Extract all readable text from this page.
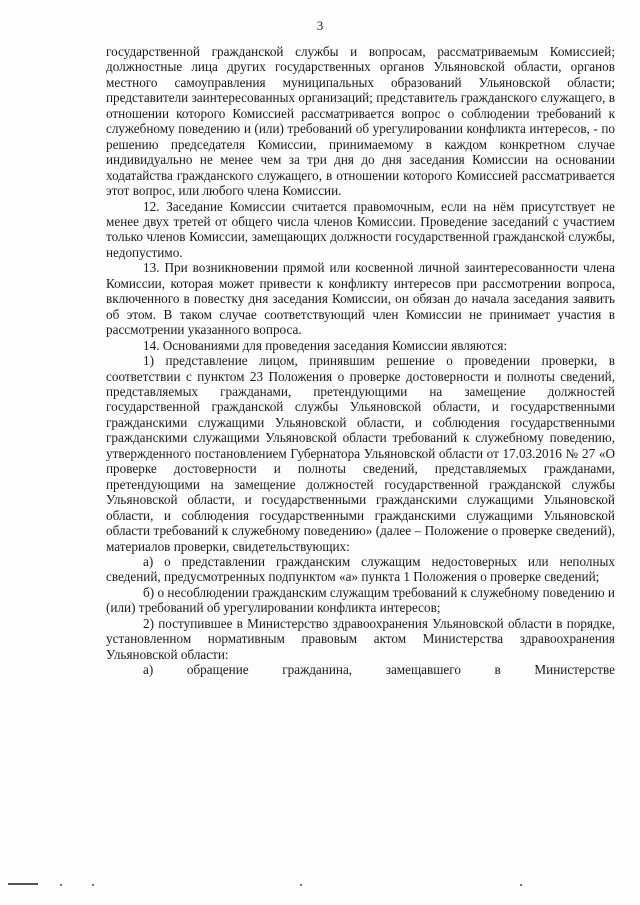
3

государственной гражданской службы и вопросам, рассматриваемым Комиссией; должностные лица других государственных органов Ульяновской области, органов местного самоуправления муниципальных образований Ульяновской области; представители заинтересованных организаций; представитель гражданского служащего, в отношении которого Комиссией рассматривается вопрос о соблюдении требований к служебному поведению и (или) требований об урегулировании конфликта интересов, - по решению председателя Комиссии, принимаемому в каждом конкретном случае индивидуально не менее чем за три дня до дня заседания Комиссии на основании ходатайства гражданского служащего, в отношении которого Комиссией рассматривается этот вопрос, или любого члена Комиссии.

12. Заседание Комиссии считается правомочным, если на нём присутствует не менее двух третей от общего числа членов Комиссии. Проведение заседаний с участием только членов Комиссии, замещающих должности государственной гражданской службы, недопустимо.

13. При возникновении прямой или косвенной личной заинтересованности члена Комиссии, которая может привести к конфликту интересов при рассмотрении вопроса, включенного в повестку дня заседания Комиссии, он обязан до начала заседания заявить об этом. В таком случае соответствующий член Комиссии не принимает участия в рассмотрении указанного вопроса.

14. Основаниями для проведения заседания Комиссии являются:

1) представление лицом, принявшим решение о проведении проверки, в соответствии с пунктом 23 Положения о проверке достоверности и полноты сведений, представляемых гражданами, претендующими на замещение должностей государственной гражданской службы Ульяновской области, и государственными гражданскими служащими Ульяновской области, и соблюдения государственными гражданскими служащими Ульяновской области требований к служебному поведению, утвержденного постановлением Губернатора Ульяновской области от 17.03.2016 № 27 «О проверке достоверности и полноты сведений, представляемых гражданами, претендующими на замещение должностей государственной гражданской службы Ульяновской области, и государственными гражданскими служащими Ульяновской области, и соблюдения государственными гражданскими служащими Ульяновской области требований к служебному поведению» (далее – Положение о проверке сведений), материалов проверки, свидетельствующих:

а) о представлении гражданским служащим недостоверных или неполных сведений, предусмотренных подпунктом «а» пункта 1 Положения о проверке сведений;

б) о несоблюдении гражданским служащим требований к служебному поведению и (или) требований об урегулировании конфликта интересов;

2) поступившее в Министерство здравоохранения Ульяновской области в порядке, установленном нормативным правовым актом Министерства здравоохранения Ульяновской области:

а) обращение гражданина, замещавшего в Министерстве
